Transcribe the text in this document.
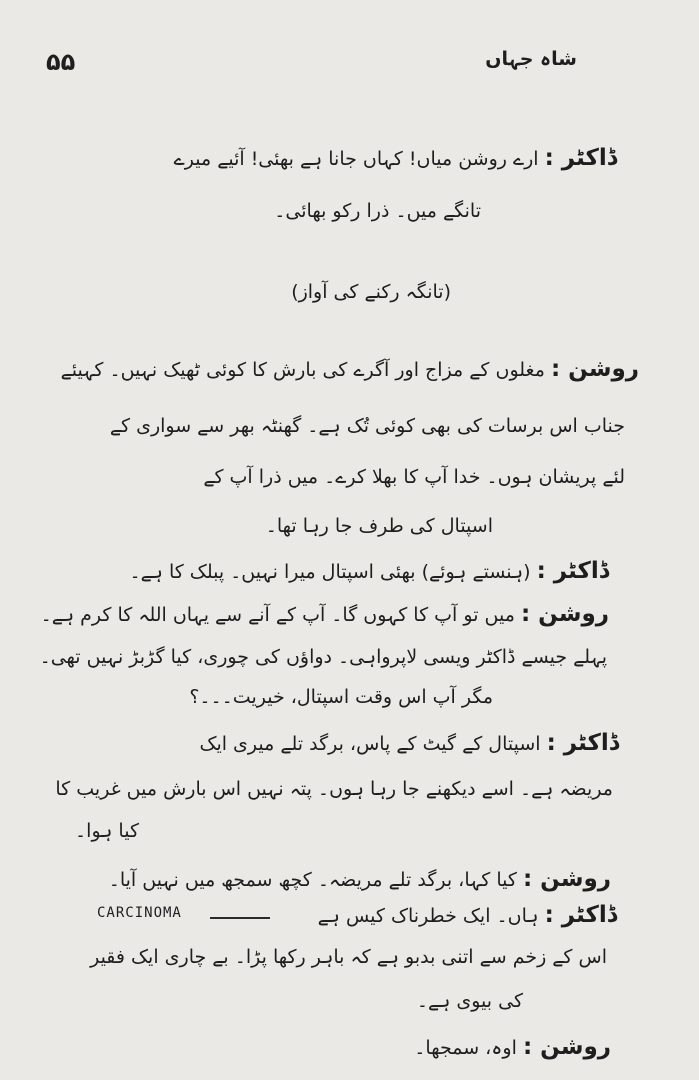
شاہ جہاں
۵۵
ڈاکٹر : ارے روشن میاں! کہاں جانا ہے بھئی! آئیے میرے
تانگے میں۔ ذرا رکو بھائی۔
(تانگہ رکنے کی آواز)
روشن : مغلوں کے مزاج اور آگرے کی بارش کا کوئی ٹھیک نہیں۔ کہیئے
جناب اس برسات کی بھی کوئی تُک ہے۔ گھنٹہ بھر سے سواری کے
لئے پریشان ہوں۔ خدا آپ کا بھلا کرے۔ میں ذرا آپ کے
اسپتال کی طرف جا رہا تھا۔
ڈاکٹر : (ہنستے ہوئے) بھئی اسپتال میرا نہیں۔ پبلک کا ہے۔
روشن : میں تو آپ کا کہوں گا۔ آپ کے آنے سے یہاں اللہ کا کرم ہے۔
پہلے جیسے ڈاکٹر ویسی لاپرواہی۔ دواؤں کی چوری، کیا گڑبڑ نہیں تھی۔
مگر آپ اس وقت اسپتال، خیریت۔۔۔؟
ڈاکٹر : اسپتال کے گیٹ کے پاس، برگد تلے میری ایک
مریضہ ہے۔ اسے دیکھنے جا رہا ہوں۔ پتہ نہیں اس بارش میں غریب کا
کیا ہوا۔
روشن : کیا کہا، برگد تلے مریضہ۔ کچھ سمجھ میں نہیں آیا۔
ڈاکٹر : ہاں۔ ایک خطرناک کیس ہے
CARCINOMA
اس کے زخم سے اتنی بدبو ہے کہ باہر رکھا پڑا۔ بے چاری ایک فقیر
کی بیوی ہے۔
روشن : اوہ، سمجھا۔
